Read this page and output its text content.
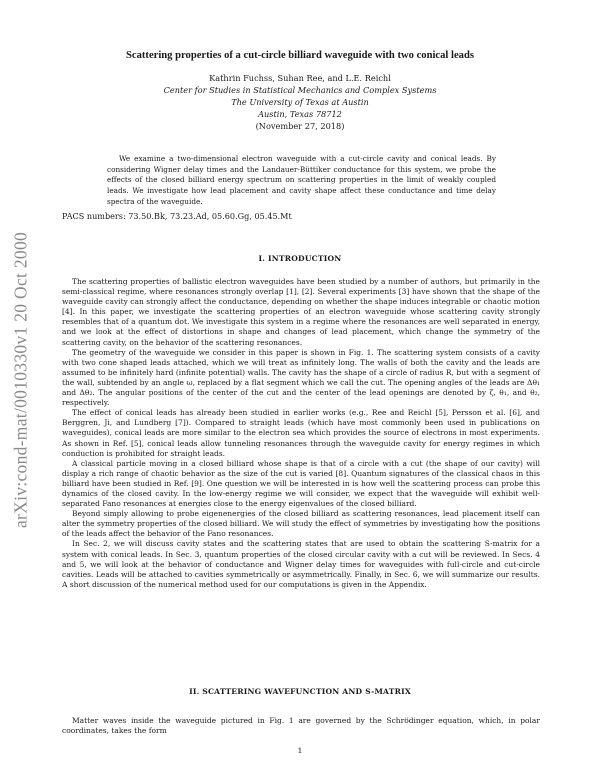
arXiv:cond-mat/0010330v1 20 Oct 2000
Scattering properties of a cut-circle billiard waveguide with two conical leads
Kathrin Fuchss, Suhan Ree, and L.E. Reichl
Center for Studies in Statistical Mechanics and Complex Systems
The University of Texas at Austin
Austin, Texas 78712
(November 27, 2018)
We examine a two-dimensional electron waveguide with a cut-circle cavity and conical leads. By considering Wigner delay times and the Landauer-Büttiker conductance for this system, we probe the effects of the closed billiard energy spectrum on scattering properties in the limit of weakly coupled leads. We investigate how lead placement and cavity shape affect these conductance and time delay spectra of the waveguide.
PACS numbers: 73.50.Bk, 73.23.Ad, 05.60.Gg, 05.45.Mt
I. INTRODUCTION

The scattering properties of ballistic electron waveguides have been studied by a number of authors, but primarily in the semi-classical regime, where resonances strongly overlap [1], [2]. Several experiments [3] have shown that the shape of the waveguide cavity can strongly affect the conductance, depending on whether the shape induces integrable or chaotic motion [4]. In this paper, we investigate the scattering properties of an electron waveguide whose scattering cavity strongly resembles that of a quantum dot. We investigate this system in a regime where the resonances are well separated in energy, and we look at the effect of distortions in shape and changes of lead placement, which change the symmetry of the scattering cavity, on the behavior of the scattering resonances.

The geometry of the waveguide we consider in this paper is shown in Fig. 1. The scattering system consists of a cavity with two cone shaped leads attached, which we will treat as infinitely long. The walls of both the cavity and the leads are assumed to be infinitely hard (infinite potential) walls. The cavity has the shape of a circle of radius R, but with a segment of the wall, subtended by an angle ω, replaced by a flat segment which we call the cut. The opening angles of the leads are Δθ₁ and Δθ₂. The angular positions of the center of the cut and the center of the lead openings are denoted by ζ, θ₁, and θ₂, respectively.

The effect of conical leads has already been studied in earlier works (e.g., Ree and Reichl [5], Persson et al. [6], and Berggren, Ji, and Lundberg [7]). Compared to straight leads (which have most commonly been used in publications on waveguides), conical leads are more similar to the electron sea which provides the source of electrons in most experiments. As shown in Ref. [5], conical leads allow tunneling resonances through the waveguide cavity for energy regimes in which conduction is prohibited for straight leads.

A classical particle moving in a closed billiard whose shape is that of a circle with a cut (the shape of our cavity) will display a rich range of chaotic behavior as the size of the cut is varied [8]. Quantum signatures of the classical chaos in this billiard have been studied in Ref. [9]. One question we will be interested in is how well the scattering process can probe this dynamics of the closed cavity. In the low-energy regime we will consider, we expect that the waveguide will exhibit well-separated Fano resonances at energies close to the energy eigenvalues of the closed billiard.

Beyond simply allowing to probe eigenenergies of the closed billiard as scattering resonances, lead placement itself can alter the symmetry properties of the closed billiard. We will study the effect of symmetries by investigating how the positions of the leads affect the behavior of the Fano resonances.

In Sec. 2, we will discuss cavity states and the scattering states that are used to obtain the scattering S-matrix for a system with conical leads. In Sec. 3, quantum properties of the closed circular cavity with a cut will be reviewed. In Secs. 4 and 5, we will look at the behavior of conductance and Wigner delay times for waveguides with full-circle and cut-circle cavities. Leads will be attached to cavities symmetrically or asymmetrically. Finally, in Sec. 6, we will summarize our results. A short discussion of the numerical method used for our computations is given in the Appendix.

II. SCATTERING WAVEFUNCTION AND S-MATRIX

Matter waves inside the waveguide pictured in Fig. 1 are governed by the Schrödinger equation, which, in polar coordinates, takes the form

1
